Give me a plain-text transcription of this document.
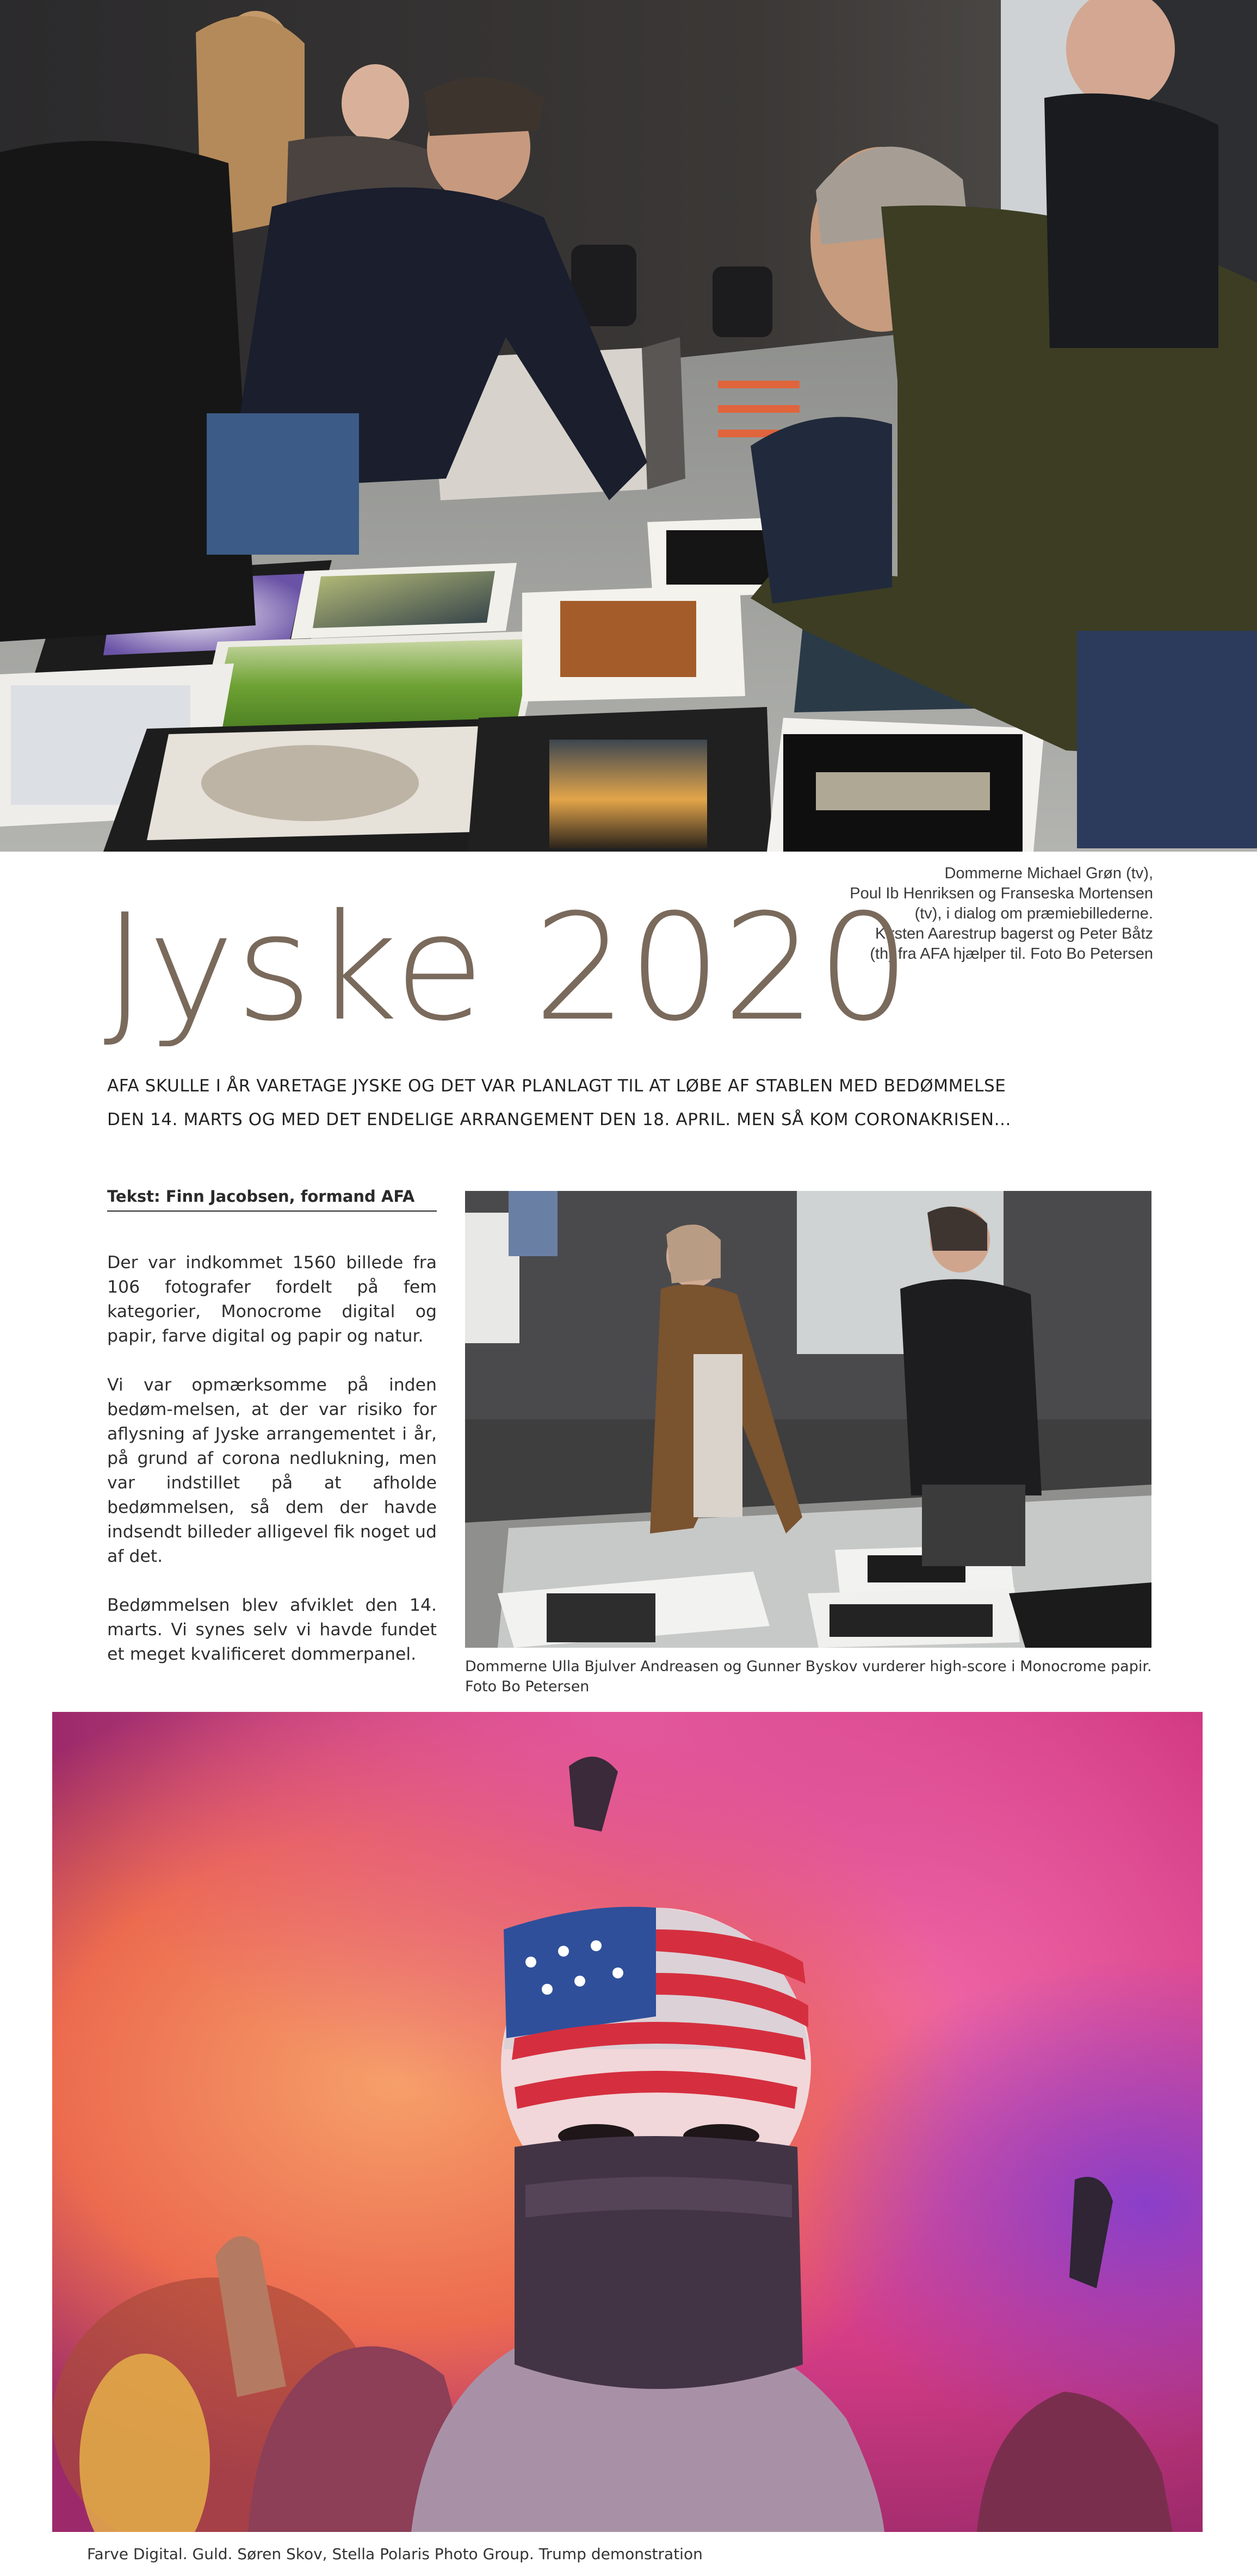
Dommerne Michael Grøn (tv),
Poul Ib Henriksen og Franseska Mortensen
(tv), i dialog om præmiebillederne.
Kirsten Aarestrup bagerst og Peter Båtz
(th) fra AFA hjælper til. Foto Bo Petersen
Jyske 2020
AFA SKULLE I ÅR VARETAGE JYSKE OG DET VAR PLANLAGT TIL AT LØBE AF STABLEN MED BEDØMMELSE
DEN 14. MARTS OG MED DET ENDELIGE ARRANGEMENT DEN 18. APRIL. MEN SÅ KOM CORONAKRISEN...
Tekst: Finn Jacobsen, formand AFA

Der var indkommet 1560 billede fra 106 fotografer fordelt på fem kategorier, Monocrome digital og papir, farve digital og papir og natur.

Vi var opmærksomme på inden bedøm-melsen, at der var risiko for aflysning af Jyske arrangementet i år, på grund af corona nedlukning, men var indstillet på at afholde bedømmelsen, så dem der havde indsendt billeder alligevel fik noget ud af det.

Bedømmelsen blev afviklet den 14. marts. Vi synes selv vi havde fundet et meget kvalificeret dommerpanel.

Dommerne Ulla Bjulver Andreasen og Gunner Byskov vurderer high-score i Monocrome papir.
Foto Bo Petersen
Farve Digital. Guld. Søren Skov, Stella Polaris Photo Group. Trump demonstration
